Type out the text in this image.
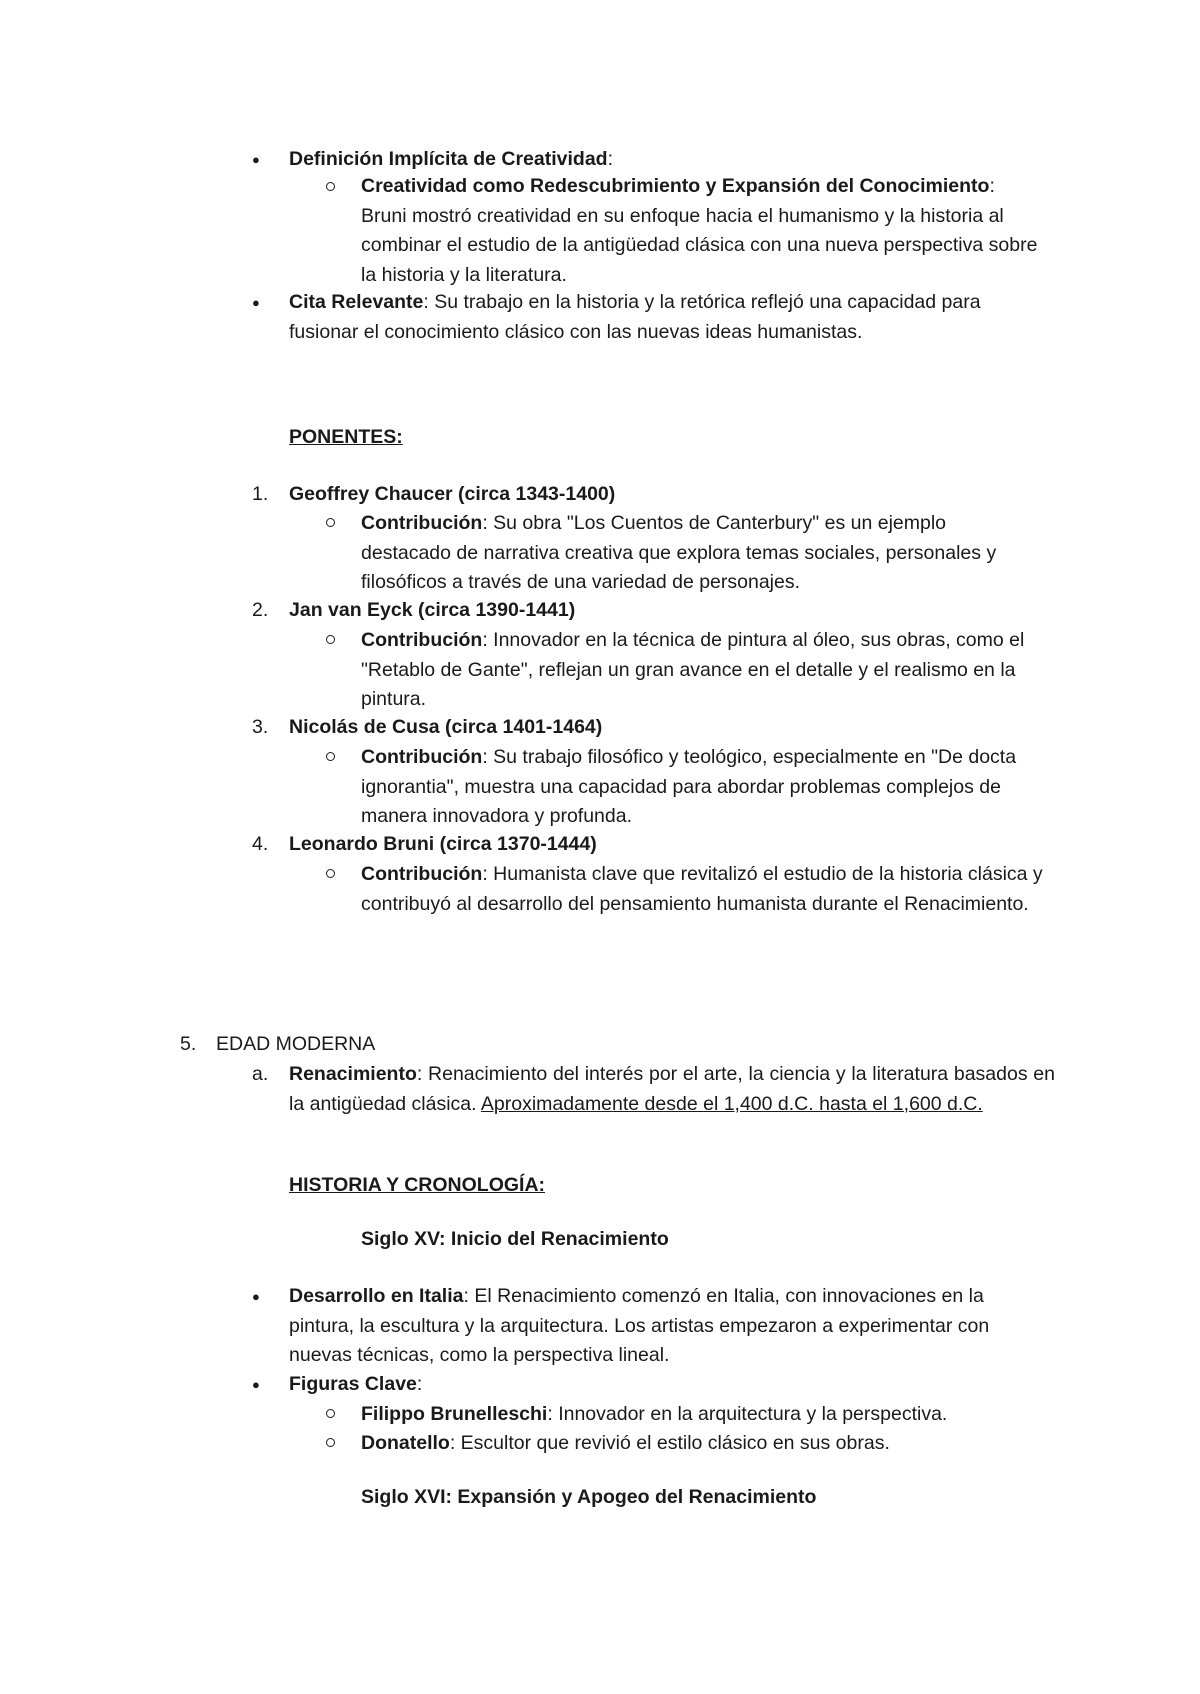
● Definición Implícita de Creatividad:
Creatividad como Redescubrimiento y Expansión del Conocimiento: Bruni mostró creatividad en su enfoque hacia el humanismo y la historia al combinar el estudio de la antigüedad clásica con una nueva perspectiva sobre la historia y la literatura.
● Cita Relevante: Su trabajo en la historia y la retórica reflejó una capacidad para fusionar el conocimiento clásico con las nuevas ideas humanistas.
PONENTES:
1. Geoffrey Chaucer (circa 1343-1400)
Contribución: Su obra "Los Cuentos de Canterbury" es un ejemplo destacado de narrativa creativa que explora temas sociales, personales y filosóficos a través de una variedad de personajes.
2. Jan van Eyck (circa 1390-1441)
Contribución: Innovador en la técnica de pintura al óleo, sus obras, como el "Retablo de Gante", reflejan un gran avance en el detalle y el realismo en la pintura.
3. Nicolás de Cusa (circa 1401-1464)
Contribución: Su trabajo filosófico y teológico, especialmente en "De docta ignorantia", muestra una capacidad para abordar problemas complejos de manera innovadora y profunda.
4. Leonardo Bruni (circa 1370-1444)
Contribución: Humanista clave que revitalizó el estudio de la historia clásica y contribuyó al desarrollo del pensamiento humanista durante el Renacimiento.
5. EDAD MODERNA
a. Renacimiento: Renacimiento del interés por el arte, la ciencia y la literatura basados en la antigüedad clásica. Aproximadamente desde el 1,400 d.C. hasta el 1,600 d.C.
HISTORIA Y CRONOLOGÍA:
Siglo XV: Inicio del Renacimiento
● Desarrollo en Italia: El Renacimiento comenzó en Italia, con innovaciones en la pintura, la escultura y la arquitectura. Los artistas empezaron a experimentar con nuevas técnicas, como la perspectiva lineal.
● Figuras Clave:
Filippo Brunelleschi: Innovador en la arquitectura y la perspectiva.
Donatello: Escultor que revivió el estilo clásico en sus obras.
Siglo XVI: Expansión y Apogeo del Renacimiento
